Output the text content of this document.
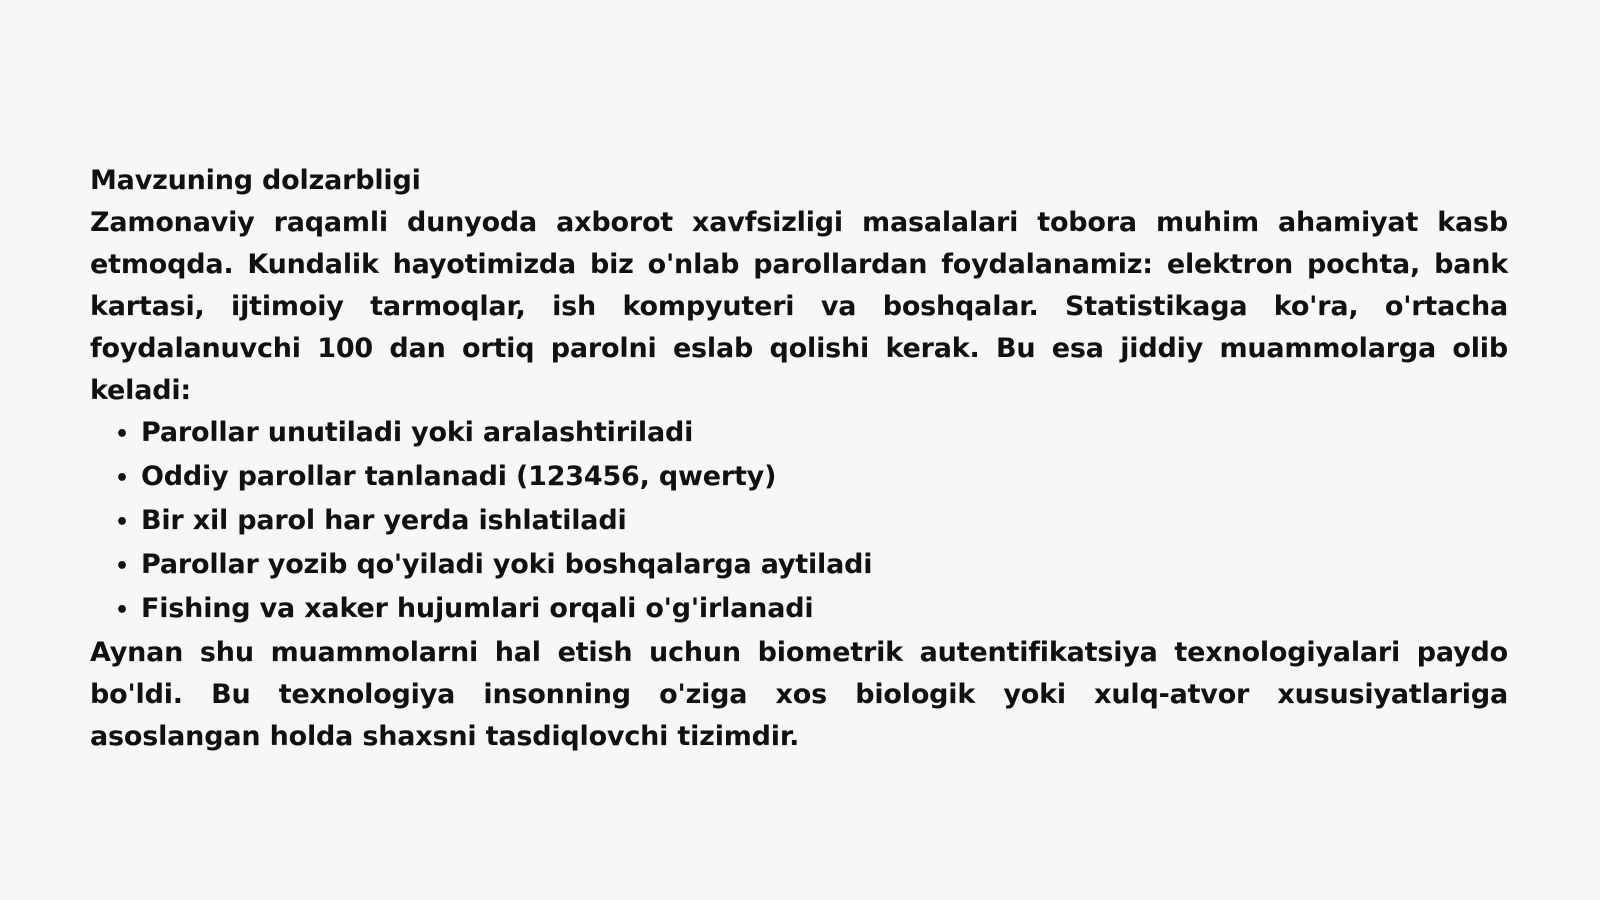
Mavzuning dolzarbligi

Zamonaviy raqamli dunyoda axborot xavfsizligi masalalari tobora muhim ahamiyat kasb etmoqda. Kundalik hayotimizda biz o'nlab parollardan foydalanamiz: elektron pochta, bank kartasi, ijtimoiy tarmoqlar, ish kompyuteri va boshqalar. Statistikaga ko'ra, o'rtacha foydalanuvchi 100 dan ortiq parolni eslab qolishi kerak. Bu esa jiddiy muammolarga olib keladi:

• Parollar unutiladi yoki aralashtiriladi
• Oddiy parollar tanlanadi (123456, qwerty)
• Bir xil parol har yerda ishlatiladi
• Parollar yozib qo'yiladi yoki boshqalarga aytiladi
• Fishing va xaker hujumlari orqali o'g'irlanadi

Aynan shu muammolarni hal etish uchun biometrik autentifikatsiya texnologiyalari paydo bo'ldi. Bu texnologiya insonning o'ziga xos biologik yoki xulq-atvor xususiyatlariga asoslangan holda shaxsni tasdiqlovchi tizimdir.
